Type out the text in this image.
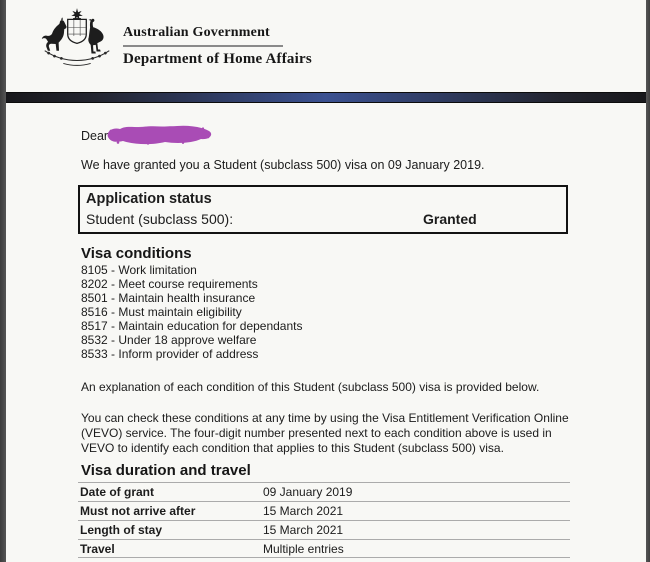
Australian Government
Department of Home Affairs
Dear
We have granted you a Student (subclass 500) visa on 09 January 2019.
Application status
Student (subclass 500):	Granted
Visa conditions
8105 - Work limitation
8202 - Meet course requirements
8501 - Maintain health insurance
8516 - Must maintain eligibility
8517 - Maintain education for dependants
8532 - Under 18 approve welfare
8533 - Inform provider of address
An explanation of each condition of this Student (subclass 500) visa is provided below.
You can check these conditions at any time by using the Visa Entitlement Verification Online
(VEVO) service. The four-digit number presented next to each condition above is used in
VEVO to identify each condition that applies to this Student (subclass 500) visa.
Visa duration and travel
Date of grant	09 January 2019
Must not arrive after	15 March 2021
Length of stay	15 March 2021
Travel	Multiple entries
